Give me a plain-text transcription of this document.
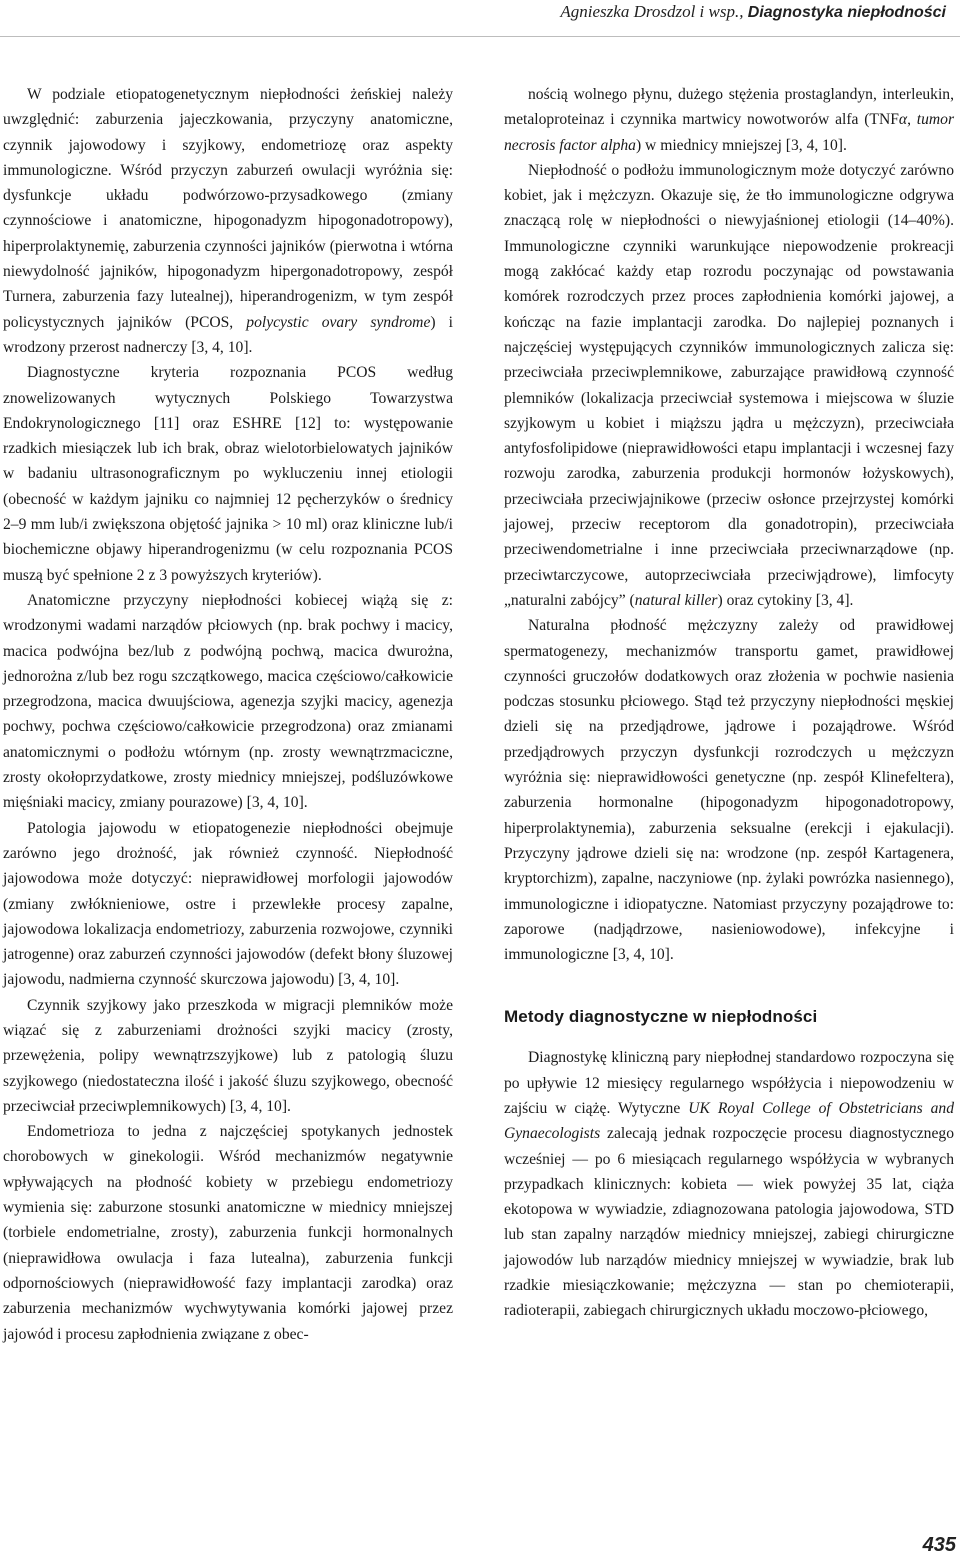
Agnieszka Drosdzol i wsp., Diagnostyka niepłodności

W podziale etiopatogenetycznym niepłodności żeńskiej należy uwzględnić: zaburzenia jajeczkowania, przyczyny anatomiczne, czynnik jajowodowy i szyjkowy, endometriozę oraz aspekty immunologiczne. Wśród przyczyn zaburzeń owulacji wyróżnia się: dysfunkcje układu podwórzowo-przysadkowego (zmiany czynnościowe i anatomiczne, hipogonadyzm hipogonadotropowy), hiperprolaktynemię, zaburzenia czynności jajników (pierwotna i wtórna niewydolność jajników, hipogonadyzm hipergonadotropowy, zespół Turnera, zaburzenia fazy lutealnej), hiperandrogenizm, w tym zespół policystycznych jajników (PCOS, polycystic ovary syndrome) i wrodzony przerost nadnerczy [3, 4, 10].

Diagnostyczne kryteria rozpoznania PCOS według znowelizowanych wytycznych Polskiego Towarzystwa Endokrynologicznego [11] oraz ESHRE [12] to: występowanie rzadkich miesiączek lub ich brak, obraz wielotorbielowatych jajników w badaniu ultrasonograficznym po wykluczeniu innej etiologii (obecność w każdym jajniku co najmniej 12 pęcherzyków o średnicy 2–9 mm lub/i zwiększona objętość jajnika > 10 ml) oraz kliniczne lub/i biochemiczne objawy hiperandrogenizmu (w celu rozpoznania PCOS muszą być spełnione 2 z 3 powyższych kryteriów).

Anatomiczne przyczyny niepłodności kobiecej wiążą się z: wrodzonymi wadami narządów płciowych (np. brak pochwy i macicy, macica podwójna bez/lub z podwójną pochwą, macica dwurożna, jednorożna z/lub bez rogu szczątkowego, macica częściowo/całkowicie przegrodzona, macica dwuujściowa, agenezja szyjki macicy, agenezja pochwy, pochwa częściowo/całkowicie przegrodzona) oraz zmianami anatomicznymi o podłożu wtórnym (np. zrosty wewnątrzmaciczne, zrosty okołoprzydatkowe, zrosty miednicy mniejszej, podśluzówkowe mięśniaki macicy, zmiany pourazowe) [3, 4, 10].

Patologia jajowodu w etiopatogenezie niepłodności obejmuje zarówno jego drożność, jak również czynność. Niepłodność jajowodowa może dotyczyć: nieprawidłowej morfologii jajowodów (zmiany zwłóknieniowe, ostre i przewlekłe procesy zapalne, jajowodowa lokalizacja endometriozy, zaburzenia rozwojowe, czynniki jatrogenne) oraz zaburzeń czynności jajowodów (defekt błony śluzowej jajowodu, nadmierna czynność skurczowa jajowodu) [3, 4, 10].

Czynnik szyjkowy jako przeszkoda w migracji plemników może wiązać się z zaburzeniami drożności szyjki macicy (zrosty, przewężenia, polipy wewnątrzszyjkowe) lub z patologią śluzu szyjkowego (niedostateczna ilość i jakość śluzu szyjkowego, obecność przeciwciał przeciwplemnikowych) [3, 4, 10].

Endometrioza to jedna z najczęściej spotykanych jednostek chorobowych w ginekologii. Wśród mechanizmów negatywnie wpływających na płodność kobiety w przebiegu endometriozy wymienia się: zaburzone stosunki anatomiczne w miednicy mniejszej (torbiele endometrialne, zrosty), zaburzenia funkcji hormonalnych (nieprawidłowa owulacja i faza lutealna), zaburzenia funkcji odpornościowych (nieprawidłowość fazy implantacji zarodka) oraz zaburzenia mechanizmów wychwytywania komórki jajowej przez jajowód i procesu zapłodnienia związane z obec-

nością wolnego płynu, dużego stężenia prostaglandyn, interleukin, metaloproteinaz i czynnika martwicy nowotworów alfa (TNFα, tumor necrosis factor alpha) w miednicy mniejszej [3, 4, 10].

Niepłodność o podłożu immunologicznym może dotyczyć zarówno kobiet, jak i mężczyzn. Okazuje się, że tło immunologiczne odgrywa znaczącą rolę w niepłodności o niewyjaśnionej etiologii (14–40%). Immunologiczne czynniki warunkujące niepowodzenie prokreacji mogą zakłócać każdy etap rozrodu poczynając od powstawania komórek rozrodczych przez proces zapłodnienia komórki jajowej, a kończąc na fazie implantacji zarodka. Do najlepiej poznanych i najczęściej występujących czynników immunologicznych zalicza się: przeciwciała przeciwplemnikowe, zaburzające prawidłową czynność plemników (lokalizacja przeciwciał systemowa i miejscowa w śluzie szyjkowym u kobiet i miąższu jądra u mężczyzn), przeciwciała antyfosfolipidowe (nieprawidłowości etapu implantacji i wczesnej fazy rozwoju zarodka, zaburzenia produkcji hormonów łożyskowych), przeciwciała przeciwjajnikowe (przeciw osłonce przejrzystej komórki jajowej, przeciw receptorom dla gonadotropin), przeciwciała przeciwendometrialne i inne przeciwciała przeciwnarządowe (np. przeciwtarczycowe, autoprzeciwciała przeciwjądrowe), limfocyty „naturalni zabójcy” (natural killer) oraz cytokiny [3, 4].

Naturalna płodność mężczyzny zależy od prawidłowej spermatogenezy, mechanizmów transportu gamet, prawidłowej czynności gruczołów dodatkowych oraz złożenia w pochwie nasienia podczas stosunku płciowego. Stąd też przyczyny niepłodności męskiej dzieli się na przedjądrowe, jądrowe i pozajądrowe. Wśród przedjądrowych przyczyn dysfunkcji rozrodczych u mężczyzn wyróżnia się: nieprawidłowości genetyczne (np. zespół Klinefeltera), zaburzenia hormonalne (hipogonadyzm hipogonadotropowy, hiperprolaktynemia), zaburzenia seksualne (erekcji i ejakulacji). Przyczyny jądrowe dzieli się na: wrodzone (np. zespół Kartagenera, kryptorchizm), zapalne, naczyniowe (np. żylaki powrózka nasiennego), immunologiczne i idiopatyczne. Natomiast przyczyny pozajądrowe to: zaporowe (nadjądrzowe, nasieniowodowe), infekcyjne i immunologiczne [3, 4, 10].

Metody diagnostyczne w niepłodności

Diagnostykę kliniczną pary niepłodnej standardowo rozpoczyna się po upływie 12 miesięcy regularnego współżycia i niepowodzeniu w zajściu w ciążę. Wytyczne UK Royal College of Obstetricians and Gynaecologists zalecają jednak rozpoczęcie procesu diagnostycznego wcześniej — po 6 miesiącach regularnego współżycia w wybranych przypadkach klinicznych: kobieta — wiek powyżej 35 lat, ciąża ekotopowa w wywiadzie, zdiagnozowana patologia jajowodowa, STD lub stan zapalny narządów miednicy mniejszej, zabiegi chirurgiczne jajowodów lub narządów miednicy mniejszej w wywiadzie, brak lub rzadkie miesiączkowanie; mężczyzna — stan po chemioterapii, radioterapii, zabiegach chirurgicznych układu moczowo-płciowego,

435
